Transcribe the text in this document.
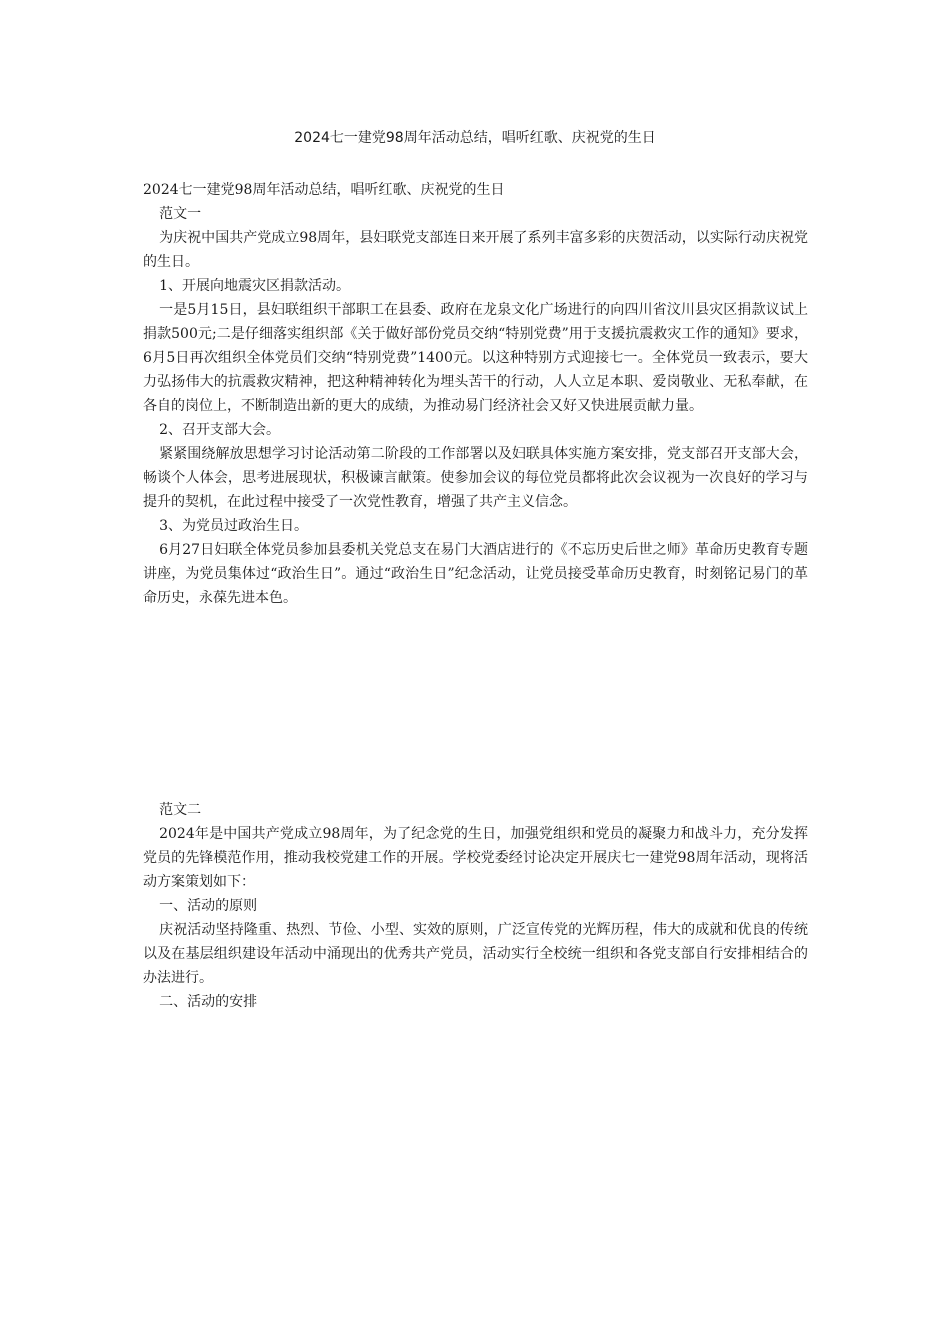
2024七一建党98周年活动总结，唱听红歌、庆祝党的生日

2024七一建党98周年活动总结，唱听红歌、庆祝党的生日

范文一

为庆祝中国共产党成立98周年，县妇联党支部连日来开展了系列丰富多彩的庆贺活动，以实际行动庆祝党的生日。

1、开展向地震灾区捐款活动。

一是5月15日，县妇联组织干部职工在县委、政府在龙泉文化广场进行的向四川省汶川县灾区捐款议试上捐款500元;二是仔细落实组织部《关于做好部份党员交纳“特别党费”用于支援抗震救灾工作的通知》要求，6月5日再次组织全体党员们交纳“特别党费”1400元。以这种特别方式迎接七一。全体党员一致表示，要大力弘扬伟大的抗震救灾精神，把这种精神转化为埋头苦干的行动，人人立足本职、爱岗敬业、无私奉献，在各自的岗位上，不断制造出新的更大的成绩，为推动易门经济社会又好又快进展贡献力量。

2、召开支部大会。

紧紧围绕解放思想学习讨论活动第二阶段的工作部署以及妇联具体实施方案安排，党支部召开支部大会，畅谈个人体会，思考进展现状，积极谏言献策。使参加会议的每位党员都将此次会议视为一次良好的学习与提升的契机，在此过程中接受了一次党性教育，增强了共产主义信念。

3、为党员过政治生日。

6月27日妇联全体党员参加县委机关党总支在易门大酒店进行的《不忘历史后世之师》革命历史教育专题讲座，为党员集体过“政治生日”。通过“政治生日”纪念活动，让党员接受革命历史教育，时刻铭记易门的革命历史，永葆先进本色。

范文二

2024年是中国共产党成立98周年，为了纪念党的生日，加强党组织和党员的凝聚力和战斗力，充分发挥党员的先锋模范作用，推动我校党建工作的开展。学校党委经讨论决定开展庆七一建党98周年活动，现将活动方案策划如下：

一、活动的原则

庆祝活动坚持隆重、热烈、节俭、小型、实效的原则，广泛宣传党的光辉历程，伟大的成就和优良的传统以及在基层组织建设年活动中涌现出的优秀共产党员，活动实行全校统一组织和各党支部自行安排相结合的办法进行。

二、活动的安排
